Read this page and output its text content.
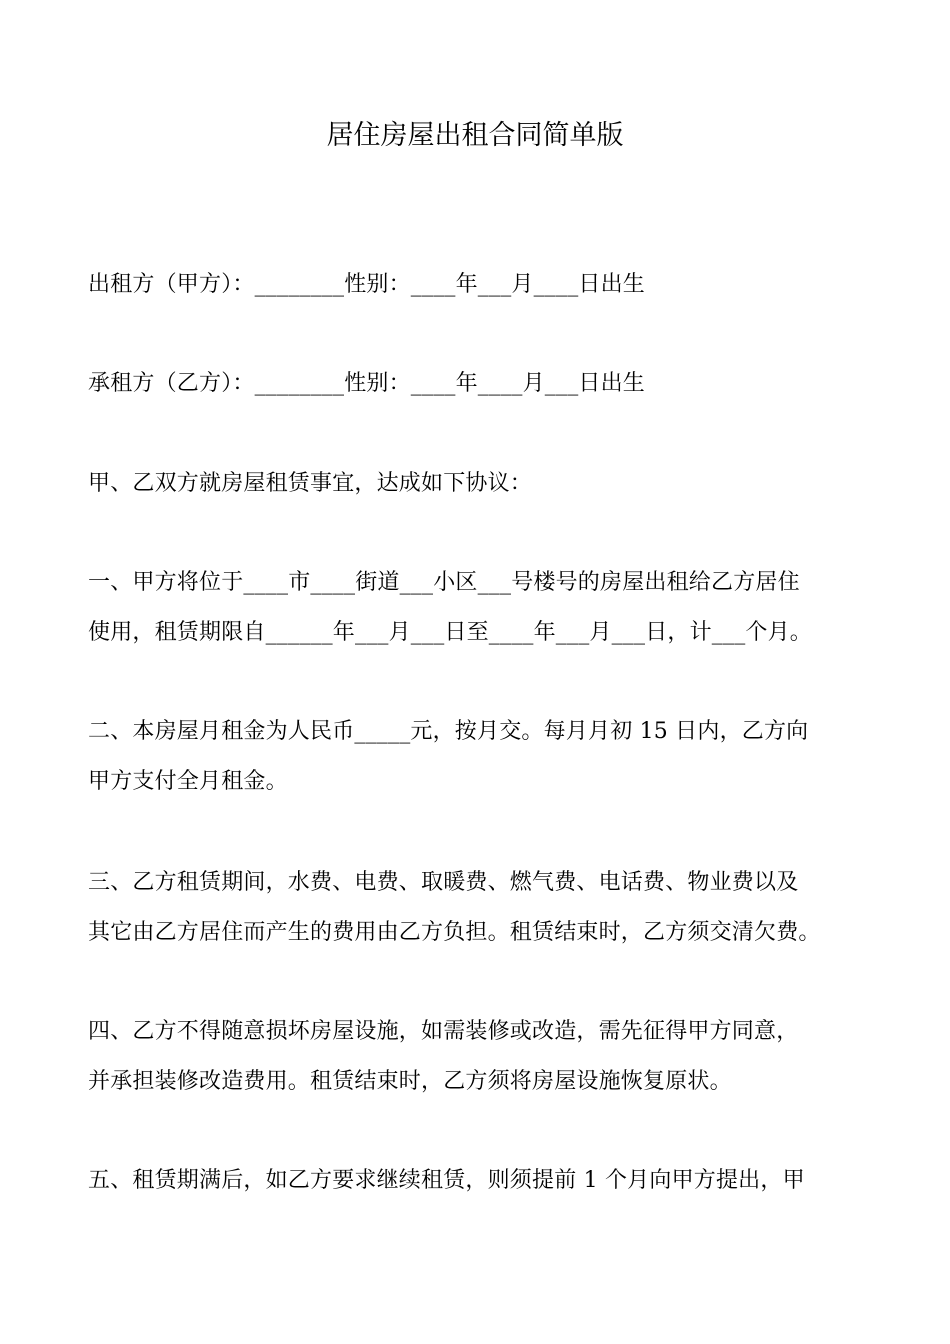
居住房屋出租合同简单版
出租方（甲方）：________性别：____年___月____日出生
承租方（乙方）：________性别：____年____月___日出生
甲、乙双方就房屋租赁事宜，达成如下协议：
一、甲方将位于____市____街道___小区___号楼号的房屋出租给乙方居住
使用，租赁期限自______年___月___日至____年___月___日，计___个月。
二、本房屋月租金为人民币_____元，按月交。每月月初 15 日内，乙方向
甲方支付全月租金。
三、乙方租赁期间，水费、电费、取暖费、燃气费、电话费、物业费以及
其它由乙方居住而产生的费用由乙方负担。租赁结束时，乙方须交清欠费。
四、乙方不得随意损坏房屋设施，如需装修或改造，需先征得甲方同意，
并承担装修改造费用。租赁结束时，乙方须将房屋设施恢复原状。
五、租赁期满后，如乙方要求继续租赁，则须提前 1 个月向甲方提出，甲
